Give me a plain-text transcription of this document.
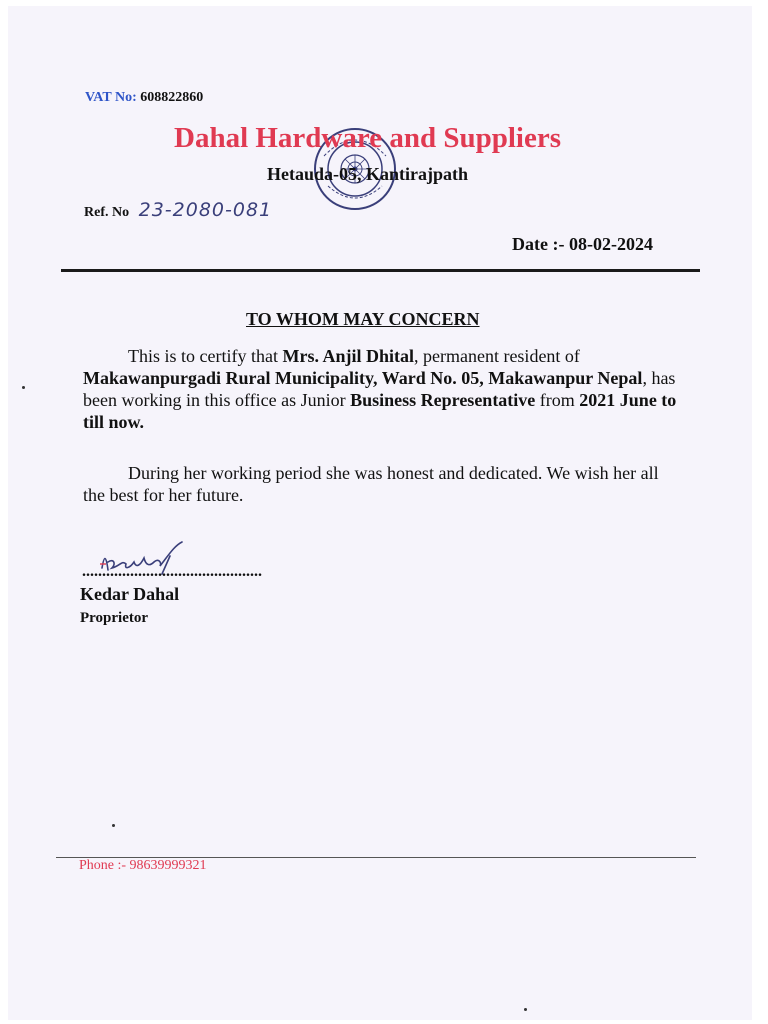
VAT No: 608822860
Dahal Hardware and Suppliers
Hetauda-05, Kantirajpath
Ref. No 23-2080-081
Date :- 08-02-2024
TO WHOM MAY CONCERN
This is to certify that Mrs. Anjil Dhital, permanent resident of Makawanpurgadi Rural Municipality, Ward No. 05, Makawanpur Nepal, has been working in this office as Junior Business Representative from 2021 June to till now.
During her working period she was honest and dedicated. We wish her all the best for her future.
.............................................
Kedar Dahal
Proprietor
Phone :- 98639999321
